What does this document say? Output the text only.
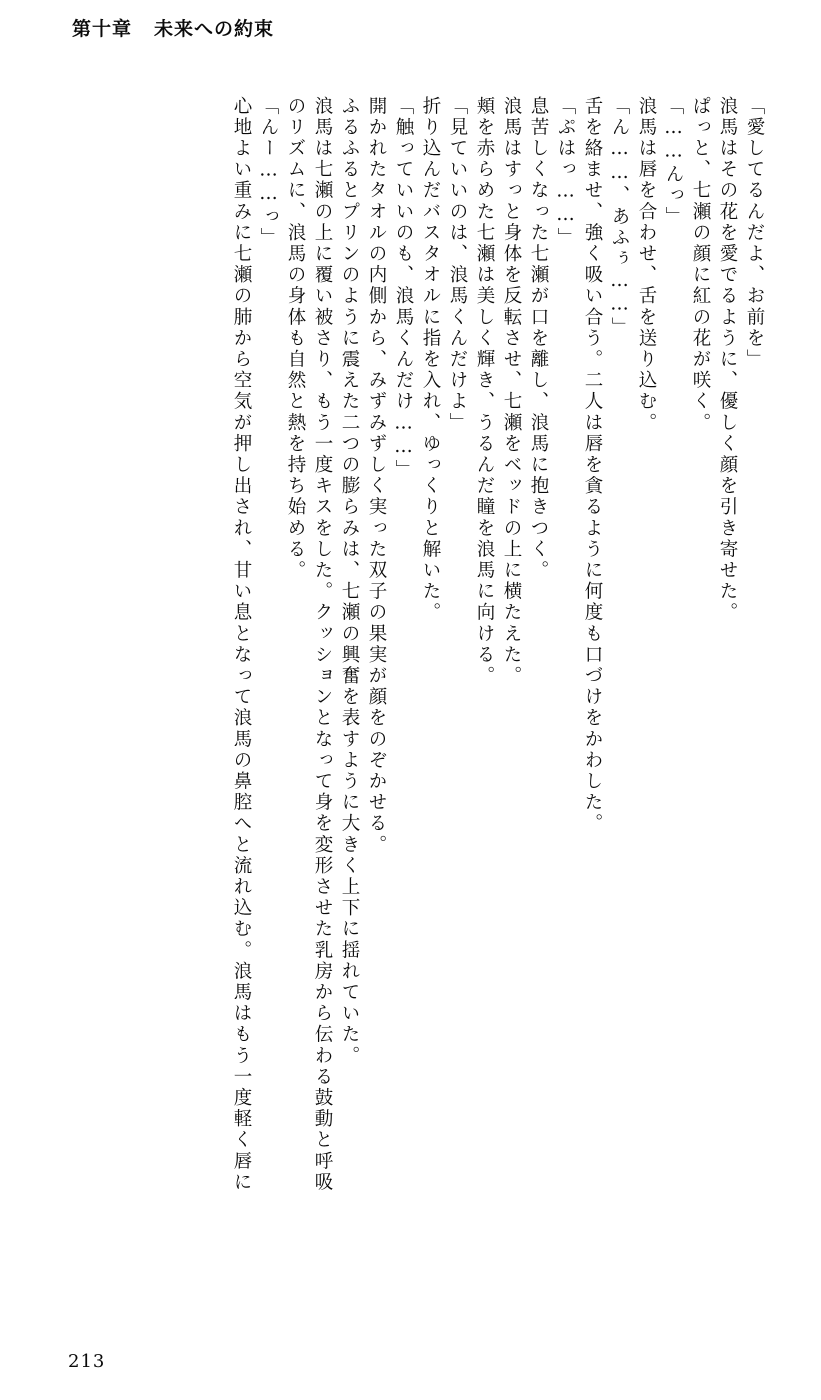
第十章 未来への約束
「愛してるんだよ、お前を」
浪馬はその花を愛でるように、優しく顔を引き寄せた。
ぱっと、七瀬の顔に紅の花が咲く。
「……んっ」
浪馬は唇を合わせ、舌を送り込む。
「ん……、あふぅ……」
舌を絡ませ、強く吸い合う。二人は唇を貪るように何度も口づけをかわした。
「ぷはっ……」
息苦しくなった七瀬が口を離し、浪馬に抱きつく。
浪馬はすっと身体を反転させ、七瀬をベッドの上に横たえた。
頬を赤らめた七瀬は美しく輝き、うるんだ瞳を浪馬に向ける。
「見ていいのは、浪馬くんだけよ」
折り込んだバスタオルに指を入れ、ゆっくりと解いた。
「触っていいのも、浪馬くんだけ……」
開かれたタオルの内側から、みずみずしく実った双子の果実が顔をのぞかせる。
ふるふるとプリンのように震えた二つの膨らみは、七瀬の興奮を表すように大きく上下に揺れていた。
浪馬は七瀬の上に覆い被さり、もう一度キスをした。クッションとなって身を変形させた乳房から伝わる鼓動と呼吸
のリズムに、浪馬の身体も自然と熱を持ち始める。
「んー……っ」
心地よい重みに七瀬の肺から空気が押し出され、甘い息となって浪馬の鼻腔へと流れ込む。浪馬はもう一度軽く唇に
213
